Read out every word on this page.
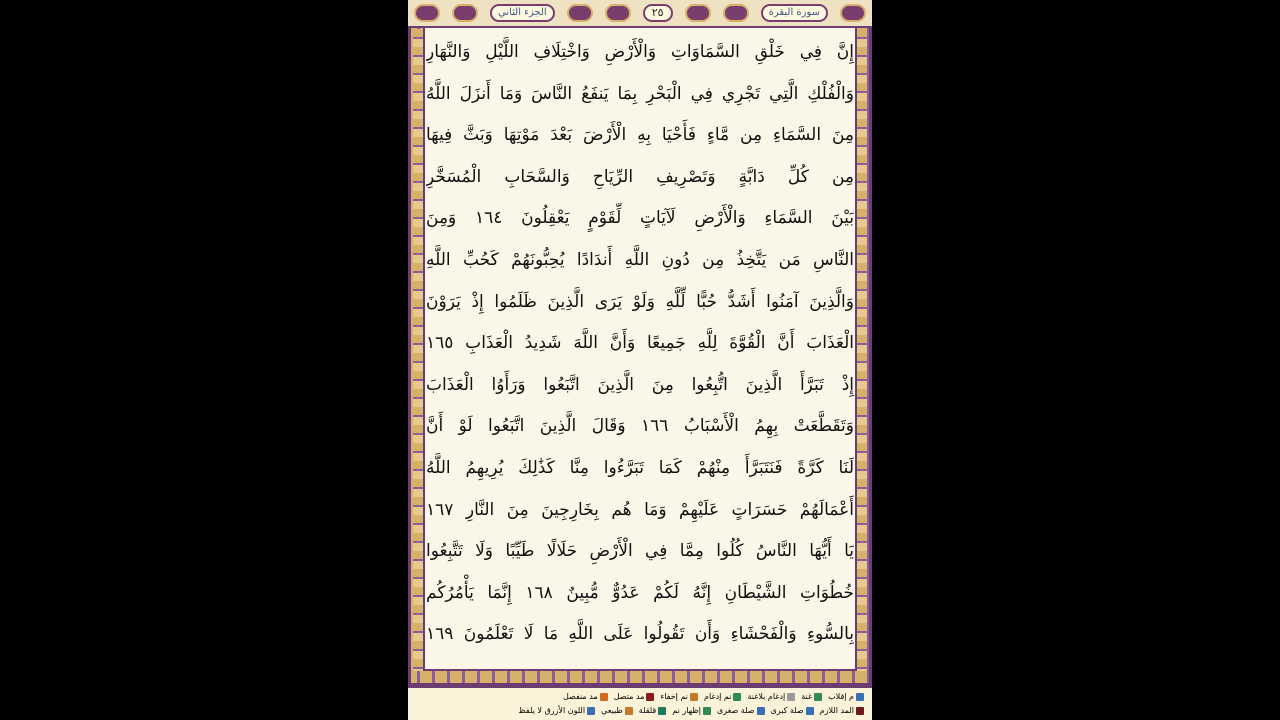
الجزء الثاني	٢٥	سورة البقرة
إِنَّ فِي خَلْقِ السَّمَاوَاتِ وَالْأَرْضِ وَاخْتِلَافِ اللَّيْلِ وَالنَّهَارِ
وَالْفُلْكِ الَّتِي تَجْرِي فِي الْبَحْرِ بِمَا يَنفَعُ النَّاسَ وَمَا أَنزَلَ اللَّهُ
مِنَ السَّمَاءِ مِن مَّاءٍ فَأَحْيَا بِهِ الْأَرْضَ بَعْدَ مَوْتِهَا وَبَثَّ فِيهَا
مِن كُلِّ دَابَّةٍ وَتَصْرِيفِ الرِّيَاحِ وَالسَّحَابِ الْمُسَخَّرِ
بَيْنَ السَّمَاءِ وَالْأَرْضِ لَآيَاتٍ لِّقَوْمٍ يَعْقِلُونَ ١٦٤ وَمِنَ
النَّاسِ مَن يَتَّخِذُ مِن دُونِ اللَّهِ أَندَادًا يُحِبُّونَهُمْ كَحُبِّ اللَّهِ
وَالَّذِينَ آمَنُوا أَشَدُّ حُبًّا لِّلَّهِ وَلَوْ يَرَى الَّذِينَ ظَلَمُوا إِذْ يَرَوْنَ
الْعَذَابَ أَنَّ الْقُوَّةَ لِلَّهِ جَمِيعًا وَأَنَّ اللَّهَ شَدِيدُ الْعَذَابِ ١٦٥
إِذْ تَبَرَّأَ الَّذِينَ اتُّبِعُوا مِنَ الَّذِينَ اتَّبَعُوا وَرَأَوُا الْعَذَابَ
وَتَقَطَّعَتْ بِهِمُ الْأَسْبَابُ ١٦٦ وَقَالَ الَّذِينَ اتَّبَعُوا لَوْ أَنَّ
لَنَا كَرَّةً فَنَتَبَرَّأَ مِنْهُمْ كَمَا تَبَرَّءُوا مِنَّا كَذَٰلِكَ يُرِيهِمُ اللَّهُ
أَعْمَالَهُمْ حَسَرَاتٍ عَلَيْهِمْ وَمَا هُم بِخَارِجِينَ مِنَ النَّارِ ١٦٧
يَا أَيُّهَا النَّاسُ كُلُوا مِمَّا فِي الْأَرْضِ حَلَالًا طَيِّبًا وَلَا تَتَّبِعُوا
خُطُوَاتِ الشَّيْطَانِ إِنَّهُ لَكُمْ عَدُوٌّ مُّبِينٌ ١٦٨ إِنَّمَا يَأْمُرُكُم
بِالسُّوءِ وَالْفَحْشَاءِ وَأَن تَقُولُوا عَلَى اللَّهِ مَا لَا تَعْلَمُونَ ١٦٩
م إقلاب
غنة
إدغام بلاغنة
نم إدغام
نم إخفاء
مد متصل
مد منفصل
المد اللازم
صلة كبرى
صلة صغرى
إظهار نم
قلقلة
طبيعي
اللون الأزرق لا يلفظ
